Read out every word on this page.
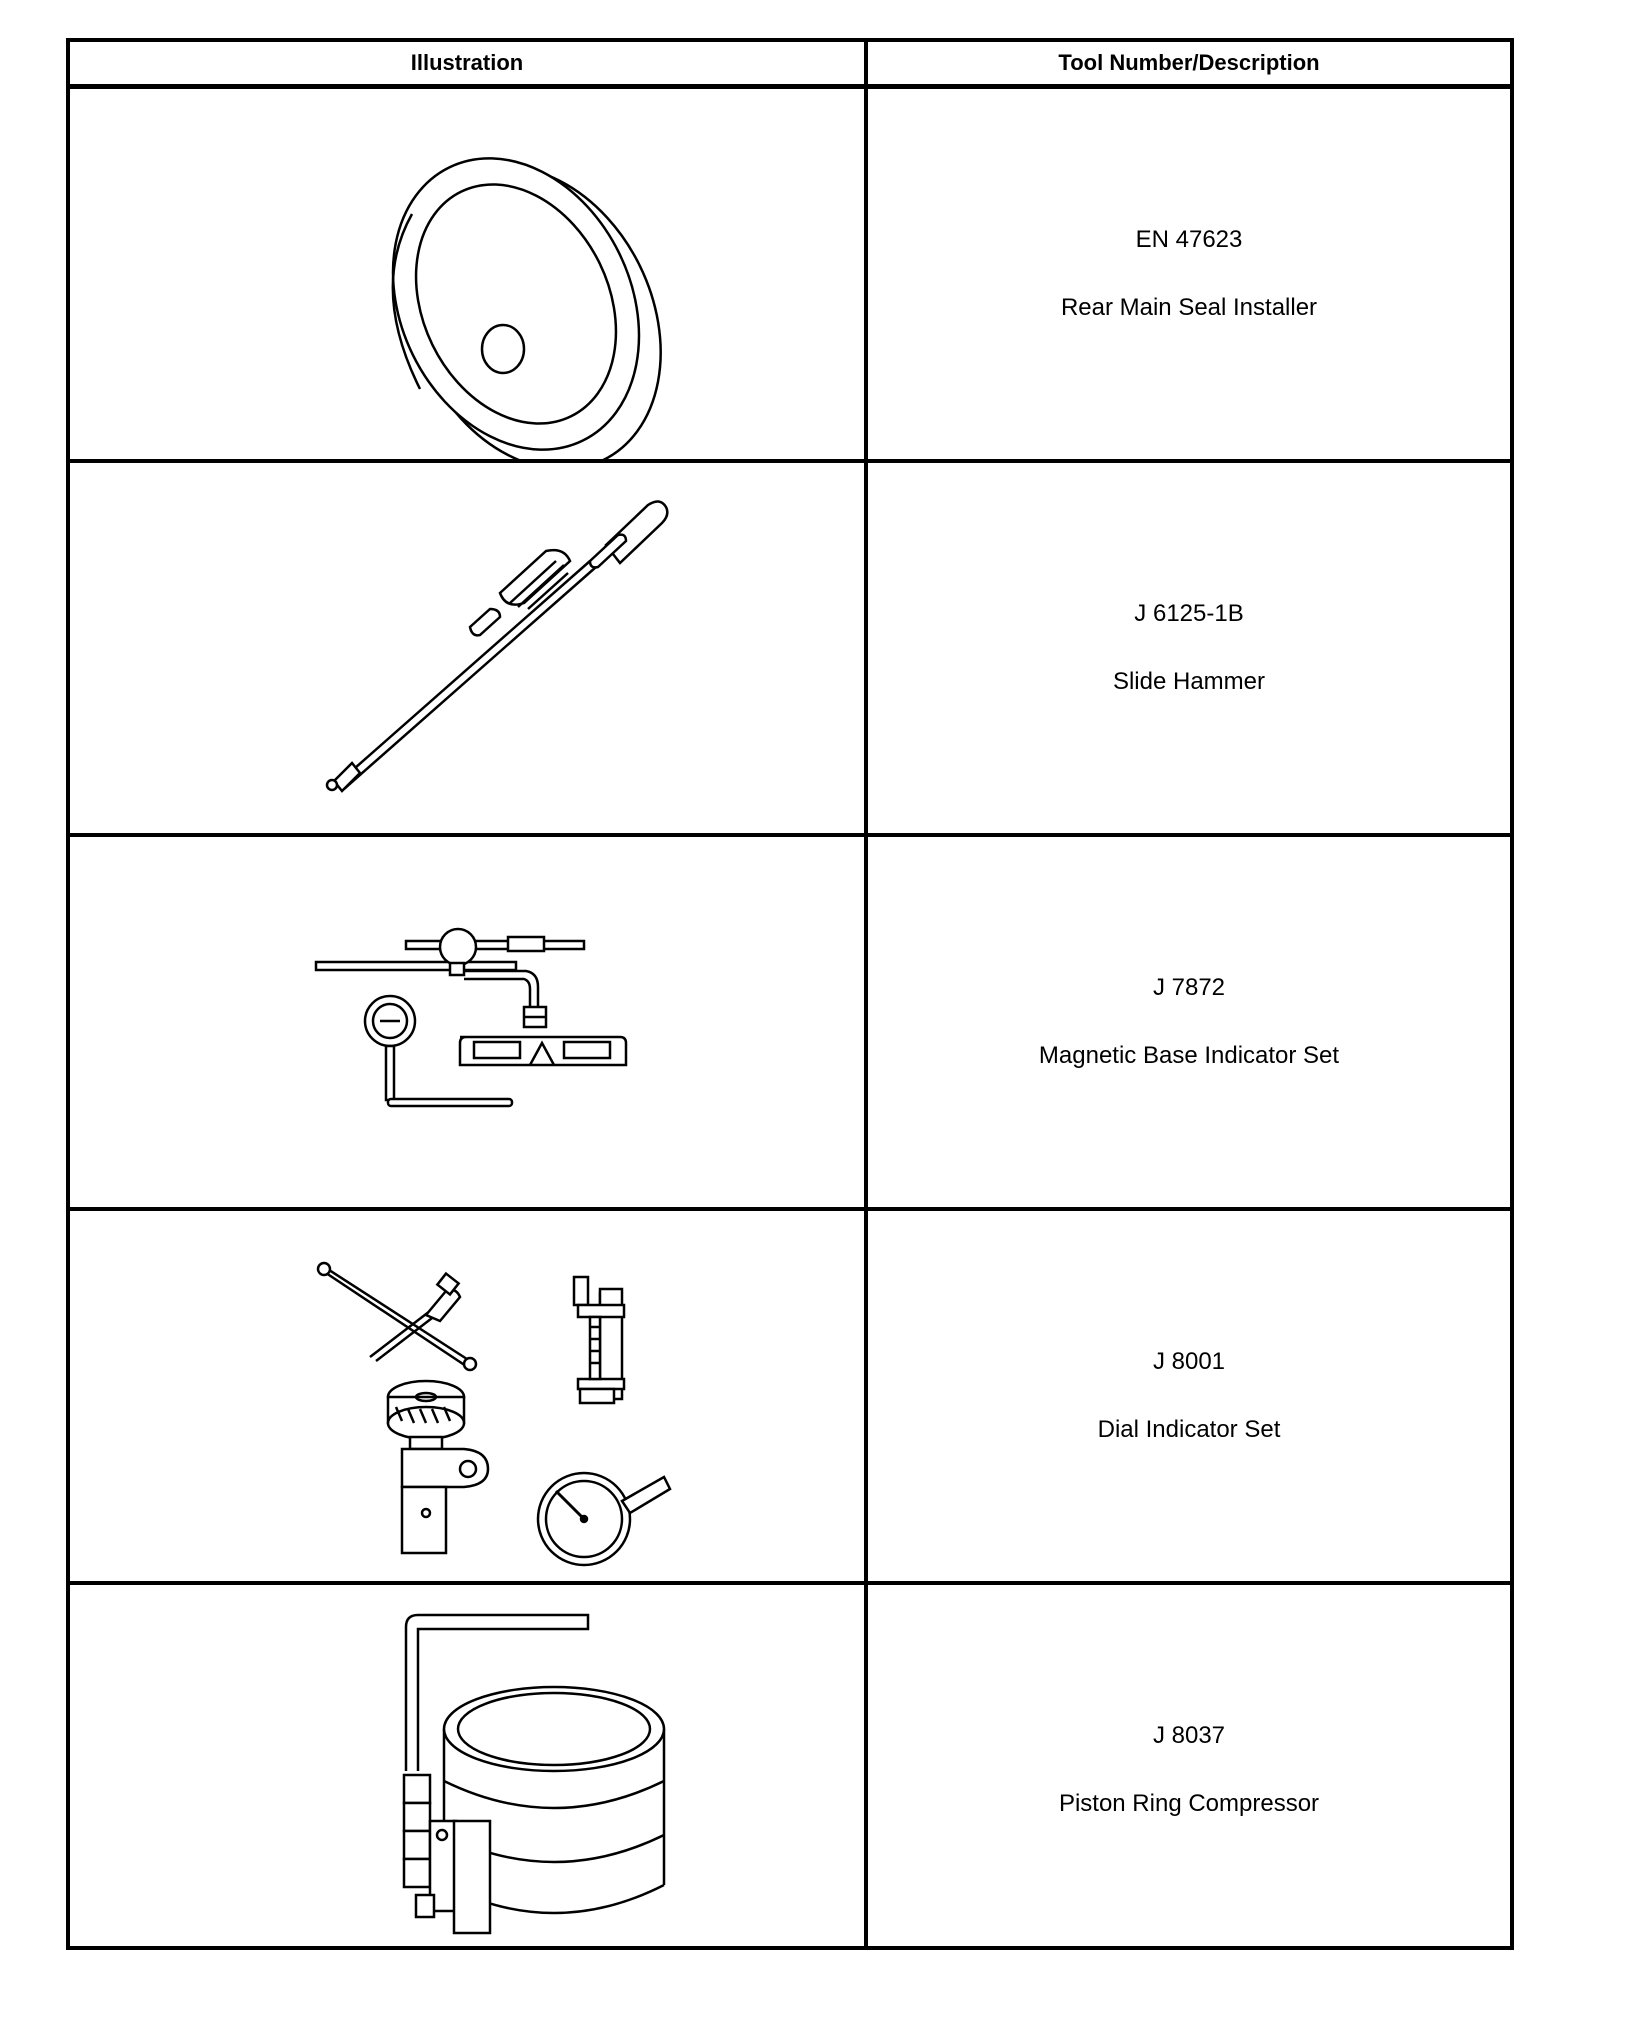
Illustration	Tool Number/Description
EN 47623
Rear Main Seal Installer
J 6125-1B
Slide Hammer
J 7872
Magnetic Base Indicator Set
J 8001
Dial Indicator Set
J 8037
Piston Ring Compressor
